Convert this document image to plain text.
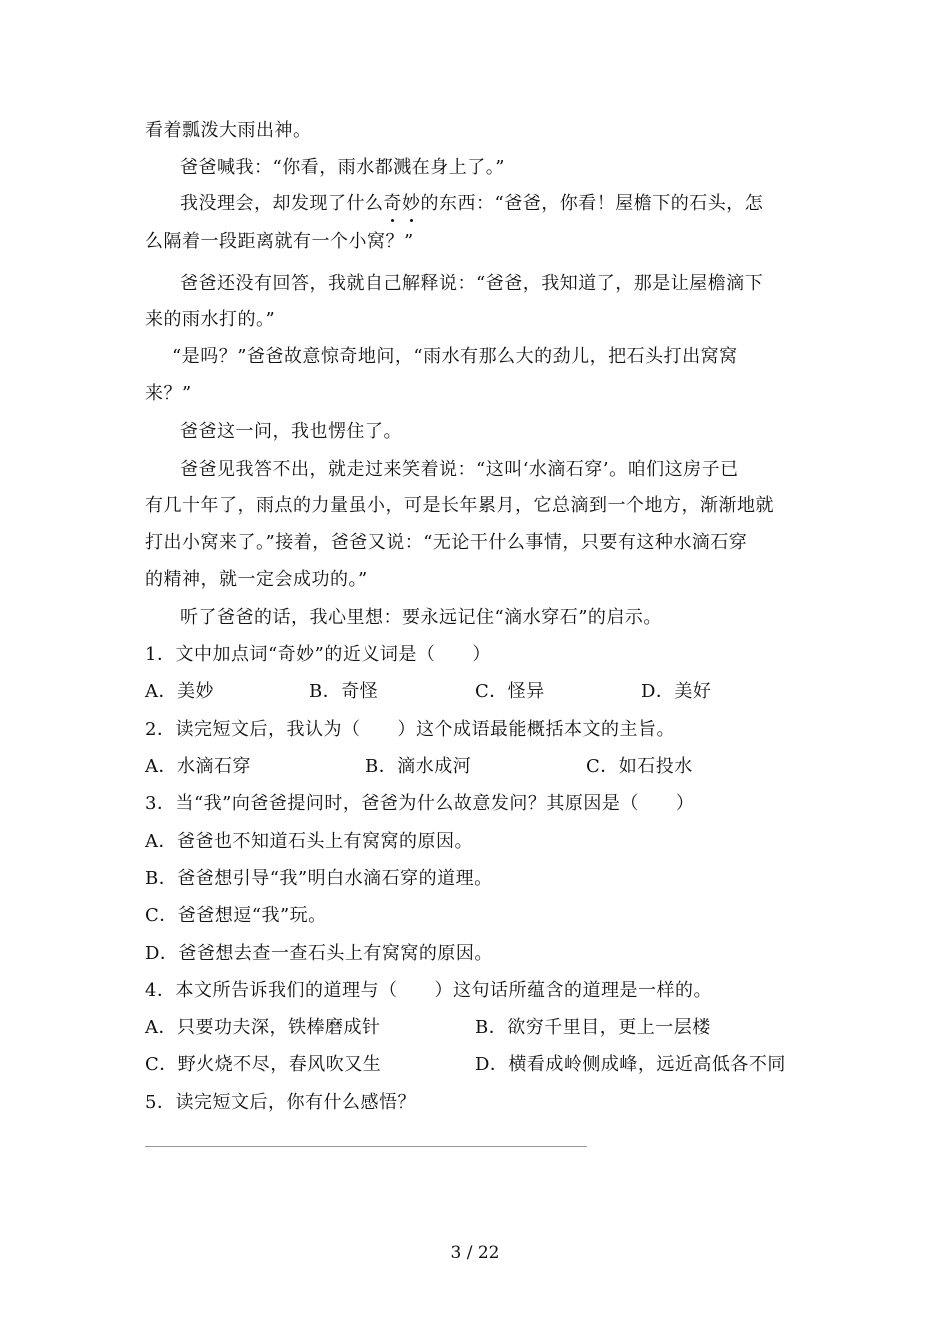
看着瓢泼大雨出神。
爸爸喊我：“你看，雨水都溅在身上了。”
我没理会，却发现了什么奇妙的东西：“爸爸，你看！屋檐下的石头，怎
么隔着一段距离就有一个小窝？”
爸爸还没有回答，我就自己解释说：“爸爸，我知道了，那是让屋檐滴下
来的雨水打的。”
“是吗？”爸爸故意惊奇地问，“雨水有那么大的劲儿，把石头打出窝窝
来？”
爸爸这一问，我也愣住了。
爸爸见我答不出，就走过来笑着说：“这叫‘水滴石穿’。咱们这房子已
有几十年了，雨点的力量虽小，可是长年累月，它总滴到一个地方，渐渐地就
打出小窝来了。”接着，爸爸又说：“无论干什么事情，只要有这种水滴石穿
的精神，就一定会成功的。”
听了爸爸的话，我心里想：要永远记住“滴水穿石”的启示。
1．文中加点词“奇妙”的近义词是（　　）
A．美妙	B．奇怪	C．怪异	D．美好
2．读完短文后，我认为（　　）这个成语最能概括本文的主旨。
A．水滴石穿	B．滴水成河	C．如石投水
3．当“我”向爸爸提问时，爸爸为什么故意发问？其原因是（　　）
A．爸爸也不知道石头上有窝窝的原因。
B．爸爸想引导“我”明白水滴石穿的道理。
C．爸爸想逗“我”玩。
D．爸爸想去查一查石头上有窝窝的原因。
4．本文所告诉我们的道理与（　　）这句话所蕴含的道理是一样的。
A．只要功夫深，铁棒磨成针	B．欲穷千里目，更上一层楼
C．野火烧不尽，春风吹又生	D．横看成岭侧成峰，远近高低各不同
5．读完短文后，你有什么感悟？
3 / 22
